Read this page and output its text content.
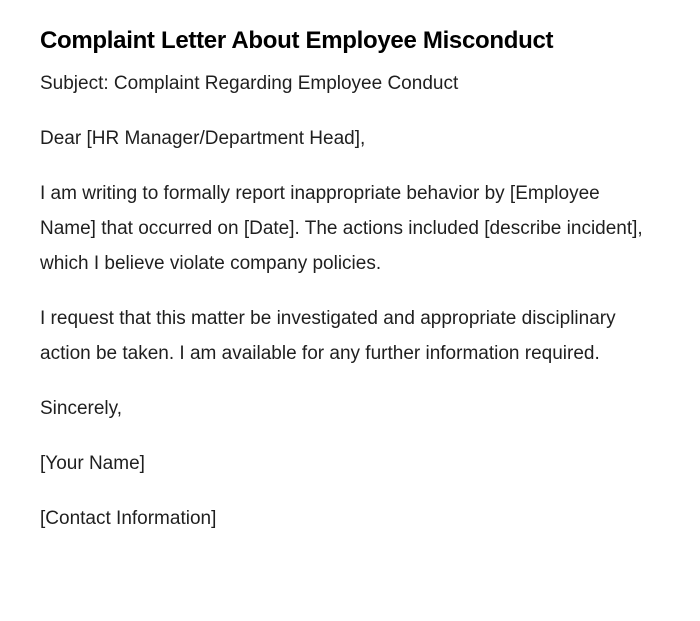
Complaint Letter About Employee Misconduct

Subject: Complaint Regarding Employee Conduct

Dear [HR Manager/Department Head],

I am writing to formally report inappropriate behavior by [Employee Name] that occurred on [Date]. The actions included [describe incident], which I believe violate company policies.

I request that this matter be investigated and appropriate disciplinary action be taken. I am available for any further information required.

Sincerely,

[Your Name]

[Contact Information]
